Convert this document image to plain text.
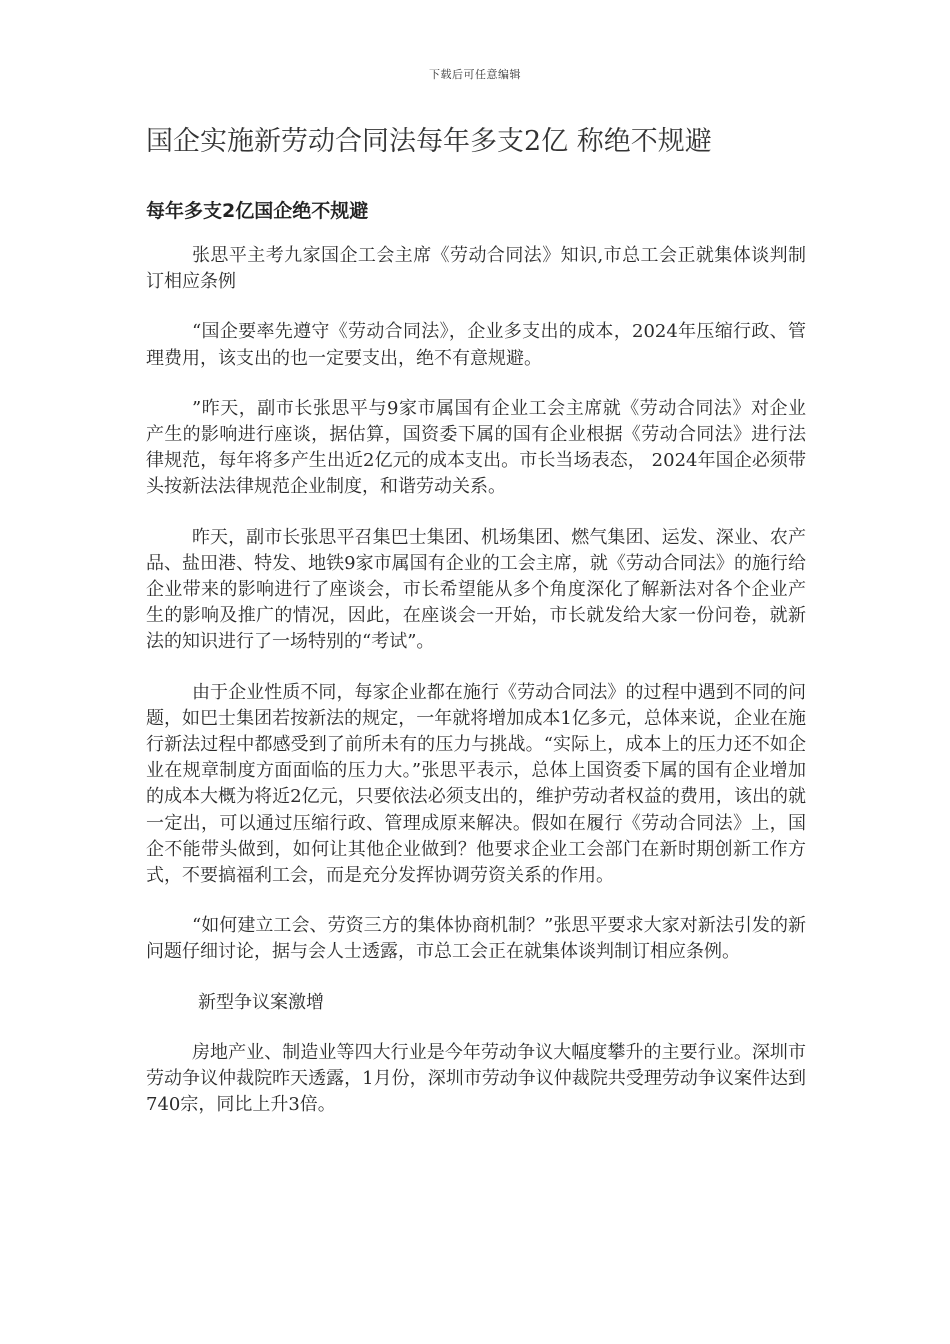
下载后可任意编辑
国企实施新劳动合同法每年多支2亿 称绝不规避
每年多支2亿国企绝不规避

张思平主考九家国企工会主席《劳动合同法》知识,市总工会正就集体谈判制订相应条例

“国企要率先遵守《劳动合同法》，企业多支出的成本，2024年压缩行政、管理费用，该支出的也一定要支出，绝不有意规避。

”昨天，副市长张思平与9家市属国有企业工会主席就《劳动合同法》对企业产生的影响进行座谈，据估算，国资委下属的国有企业根据《劳动合同法》进行法律规范，每年将多产生出近2亿元的成本支出。市长当场表态， 2024年国企必须带头按新法法律规范企业制度，和谐劳动关系。

昨天，副市长张思平召集巴士集团、机场集团、燃气集团、运发、深业、农产品、盐田港、特发、地铁9家市属国有企业的工会主席，就《劳动合同法》的施行给企业带来的影响进行了座谈会，市长希望能从多个角度深化了解新法对各个企业产生的影响及推广的情况，因此，在座谈会一开始，市长就发给大家一份问卷，就新法的知识进行了一场特别的“考试”。

由于企业性质不同，每家企业都在施行《劳动合同法》的过程中遇到不同的问题，如巴士集团若按新法的规定，一年就将增加成本1亿多元，总体来说，企业在施行新法过程中都感受到了前所未有的压力与挑战。“实际上，成本上的压力还不如企业在规章制度方面面临的压力大。”张思平表示，总体上国资委下属的国有企业增加的成本大概为将近2亿元，只要依法必须支出的，维护劳动者权益的费用，该出的就一定出，可以通过压缩行政、管理成原来解决。假如在履行《劳动合同法》上，国企不能带头做到，如何让其他企业做到？他要求企业工会部门在新时期创新工作方式，不要搞福利工会，而是充分发挥协调劳资关系的作用。

“如何建立工会、劳资三方的集体协商机制？”张思平要求大家对新法引发的新问题仔细讨论，据与会人士透露，市总工会正在就集体谈判制订相应条例。

新型争议案激增

房地产业、制造业等四大行业是今年劳动争议大幅度攀升的主要行业。深圳市劳动争议仲裁院昨天透露，1月份，深圳市劳动争议仲裁院共受理劳动争议案件达到740宗，同比上升3倍。
